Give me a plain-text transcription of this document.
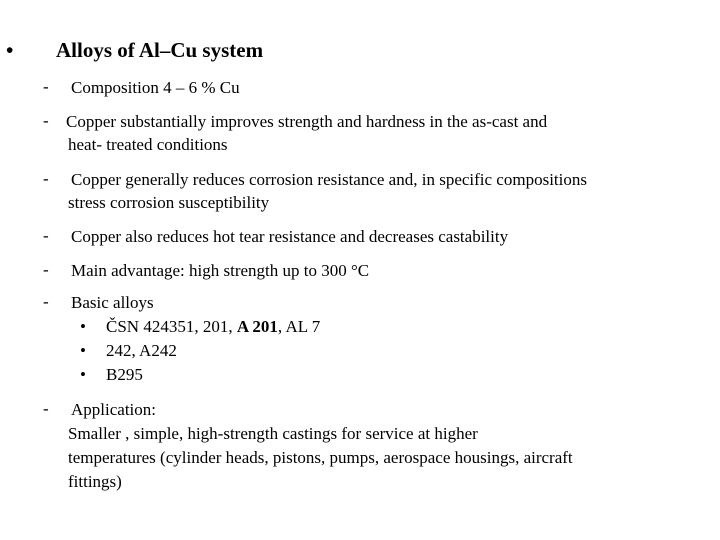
• Alloys of Al–Cu system
- Composition 4 – 6 % Cu
- Copper substantially improves strength and hardness in the as-cast and
heat- treated conditions
- Copper generally reduces corrosion resistance and, in specific compositions
stress corrosion susceptibility
- Copper also reduces hot tear resistance and decreases castability
- Main advantage: high strength up to 300 °C
- Basic alloys
• ČSN 424351, 201, A 201, AL 7
• 242, A242
• B295
- Application:
Smaller , simple, high-strength castings for service at higher
temperatures (cylinder heads, pistons, pumps, aerospace housings, aircraft
fittings)
